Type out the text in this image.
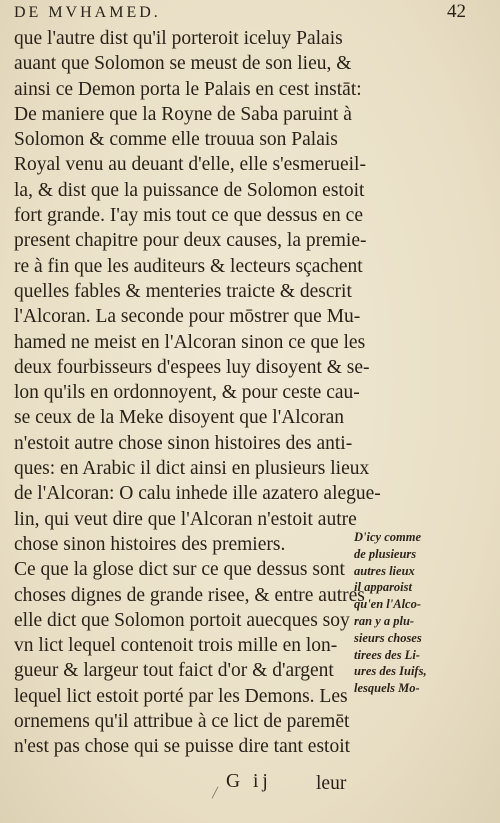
DE MVHAMED.	42
que l'autre dist qu'il porteroit iceluy Palais
auant que Solomon se meust de son lieu, &
ainsi ce Demon porta le Palais en cest instāt:
De maniere que la Royne de Saba paruint à
Solomon & comme elle trouua son Palais
Royal venu au deuant d'elle, elle s'esmerueil-
la, & dist que la puissance de Solomon estoit
fort grande. I'ay mis tout ce que dessus en ce
present chapitre pour deux causes, la premie-
re à fin que les auditeurs & lecteurs sçachent
quelles fables & menteries traicte & descrit
l'Alcoran. La seconde pour mōstrer que Mu-
hamed ne meist en l'Alcoran sinon ce que les
deux fourbisseurs d'espees luy disoyent & se-
lon qu'ils en ordonnoyent, & pour ceste cau-
se ceux de la Meke disoyent que l'Alcoran
n'estoit autre chose sinon histoires des anti-
ques: en Arabic il dict ainsi en plusieurs lieux
de l'Alcoran: O calu inhede ille azatero alegue-
lin, qui veut dire que l'Alcoran n'estoit autre
chose sinon histoires des premiers.
Ce que la glose dict sur ce que dessus sont
choses dignes de grande risee, & entre autres
elle dict que Solomon portoit auecques soy
vn lict lequel contenoit trois mille en lon-
gueur & largeur tout faict d'or & d'argent
lequel lict estoit porté par les Demons. Les
ornemens qu'il attribue à ce lict de paremēt
n'est pas chose qui se puisse dire tant estoit
D'icy comme
de plusieurs
autres lieux
il apparoist
qu'en l'Alco-
ran y a plu-
sieurs choses
tirees des Li-
ures des Iuifs,
lesquels Mo-
G ij leur
╱
